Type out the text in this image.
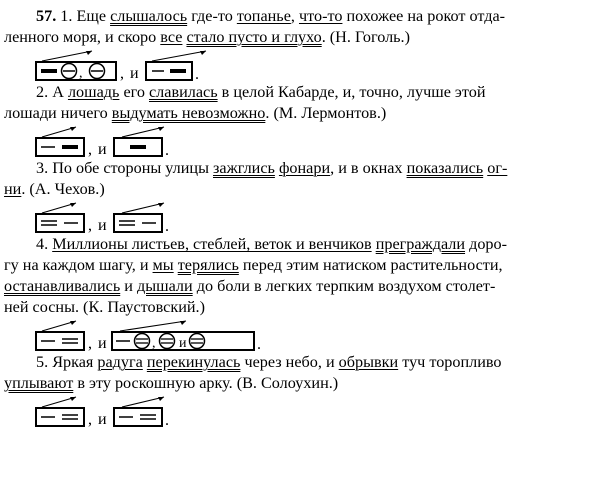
57. 1. Еще слышалось где-то топанье, что-то похожее на рокот отда-
ленного моря, и скоро все стало пусто и глухо. (Н. Гоголь.)

, , и	.

2. А лошадь его славилась в целой Кабарде, и, точно, лучше этой
лошади ничего выдумать невозможно. (М. Лермонтов.)

, и	.

3. По обе стороны улицы зажглись фонари, и в окнах показались ог-
ни. (А. Чехов.)

, и	.

4. Миллионы листьев, стеблей, веток и венчиков преграждали доро-
гу на каждом шагу, и мы терялись перед этим натиском растительности,
останавливались и дышали до боли в легких терпким воздухом столет-
ней сосны. (К. Паустовский.)

, и	, и	.

5. Яркая радуга перекинулась через небо, и обрывки туч торопливо
уплывают в эту роскошную арку. (В. Солоухин.)

, и	.
